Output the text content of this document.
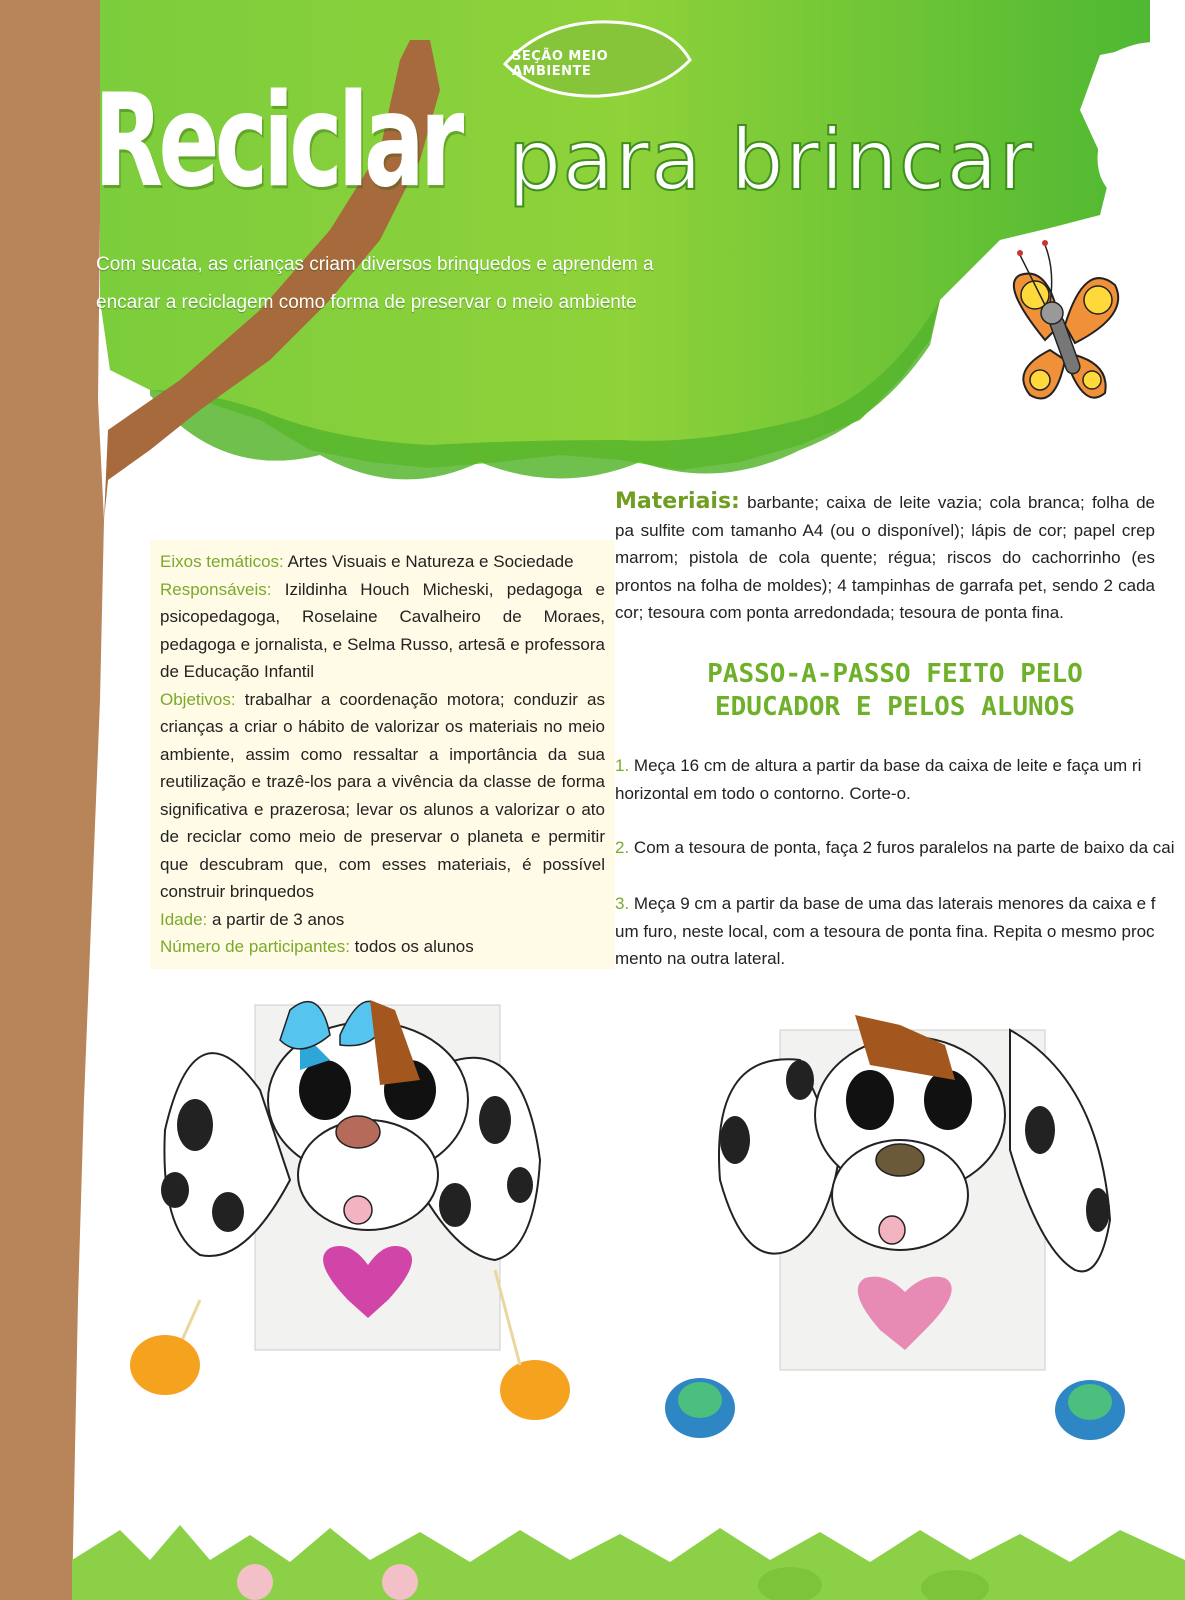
SEÇÃO MEIO AMBIENTE
Reciclar para brincar
Com sucata, as crianças criam diversos brinquedos e aprendem a
encarar a reciclagem como forma de preservar o meio ambiente
Eixos temáticos: Artes Visuais e Natureza e Sociedade
Responsáveis: Izildinha Houch Micheski, pedagoga e psicopedagoga, Roselaine Cavalheiro de Moraes, pedagoga e jornalista, e Selma Russo, artesã e professora de Educação Infantil
Objetivos: trabalhar a coordenação motora; conduzir as crianças a criar o hábito de valorizar os materiais no meio ambiente, assim como ressaltar a importância da sua reutilização e trazê-los para a vivência da classe de forma significativa e prazerosa; levar os alunos a valorizar o ato de reciclar como meio de preservar o planeta e permitir que descubram que, com esses materiais, é possível construir brinquedos
Idade: a partir de 3 anos
Número de participantes: todos os alunos
Materiais: barbante; caixa de leite vazia; cola branca; folha de pa sulfite com tamanho A4 (ou o disponível); lápis de cor; papel crep marrom; pistola de cola quente; régua; riscos do cachorrinho (es prontos na folha de moldes); 4 tampinhas de garrafa pet, sendo 2 cada cor; tesoura com ponta arredondada; tesoura de ponta fina.
PASSO-A-PASSO FEITO PELO
EDUCADOR E PELOS ALUNOS
1. Meça 16 cm de altura a partir da base da caixa de leite e faça um ri
horizontal em todo o contorno. Corte-o.
2. Com a tesoura de ponta, faça 2 furos paralelos na parte de baixo da cai
3. Meça 9 cm a partir da base de uma das laterais menores da caixa e f
um furo, neste local, com a tesoura de ponta fina. Repita o mesmo proc
mento na outra lateral.
